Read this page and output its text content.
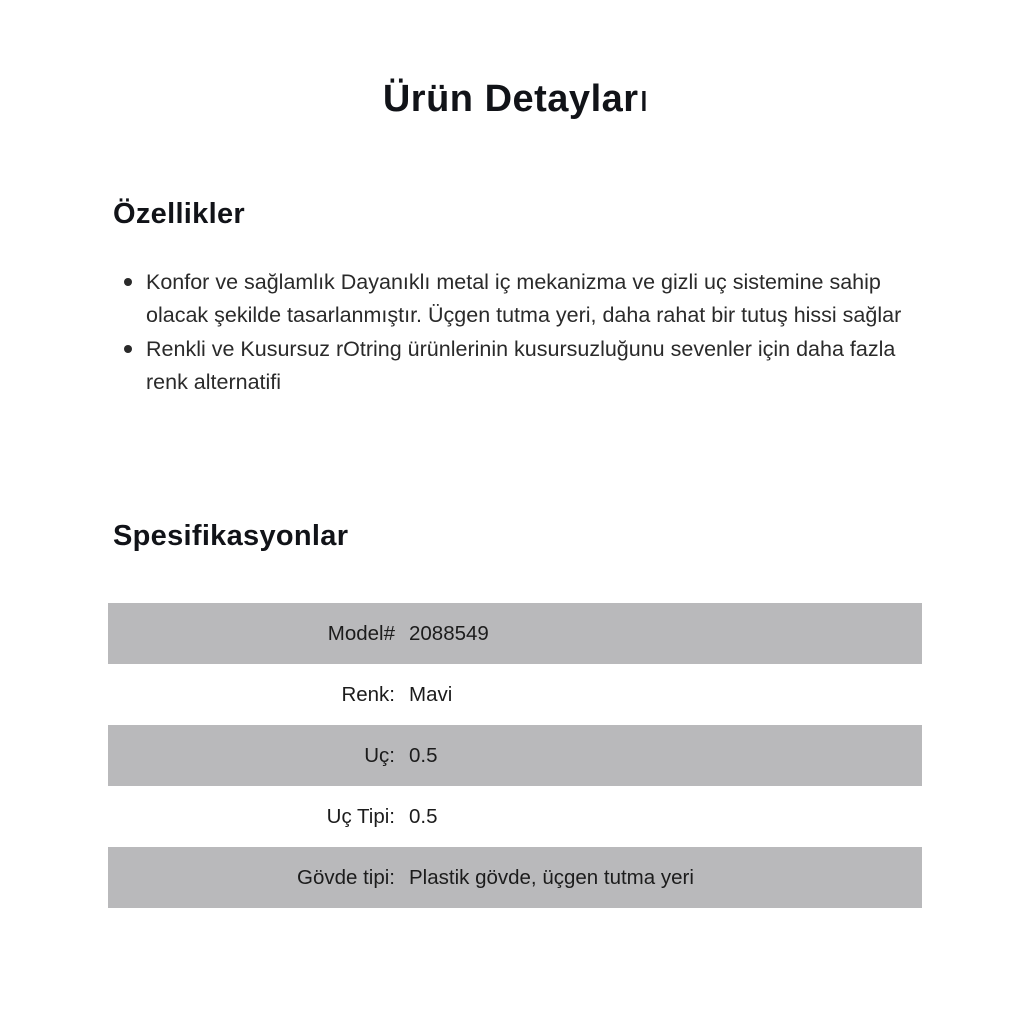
Ürün Detayları
Özellikler
Konfor ve sağlamlık Dayanıklı metal iç mekanizma ve gizli uç sistemine sahip olacak şekilde tasarlanmıştır. Üçgen tutma yeri, daha rahat bir tutuş hissi sağlar
Renkli ve Kusursuz rOtring ürünlerinin kusursuzluğunu sevenler için daha fazla renk alternatifi
Spesifikasyonlar
Model# 2088549
Renk: Mavi
Uç: 0.5
Uç Tipi: 0.5
Gövde tipi: Plastik gövde, üçgen tutma yeri
